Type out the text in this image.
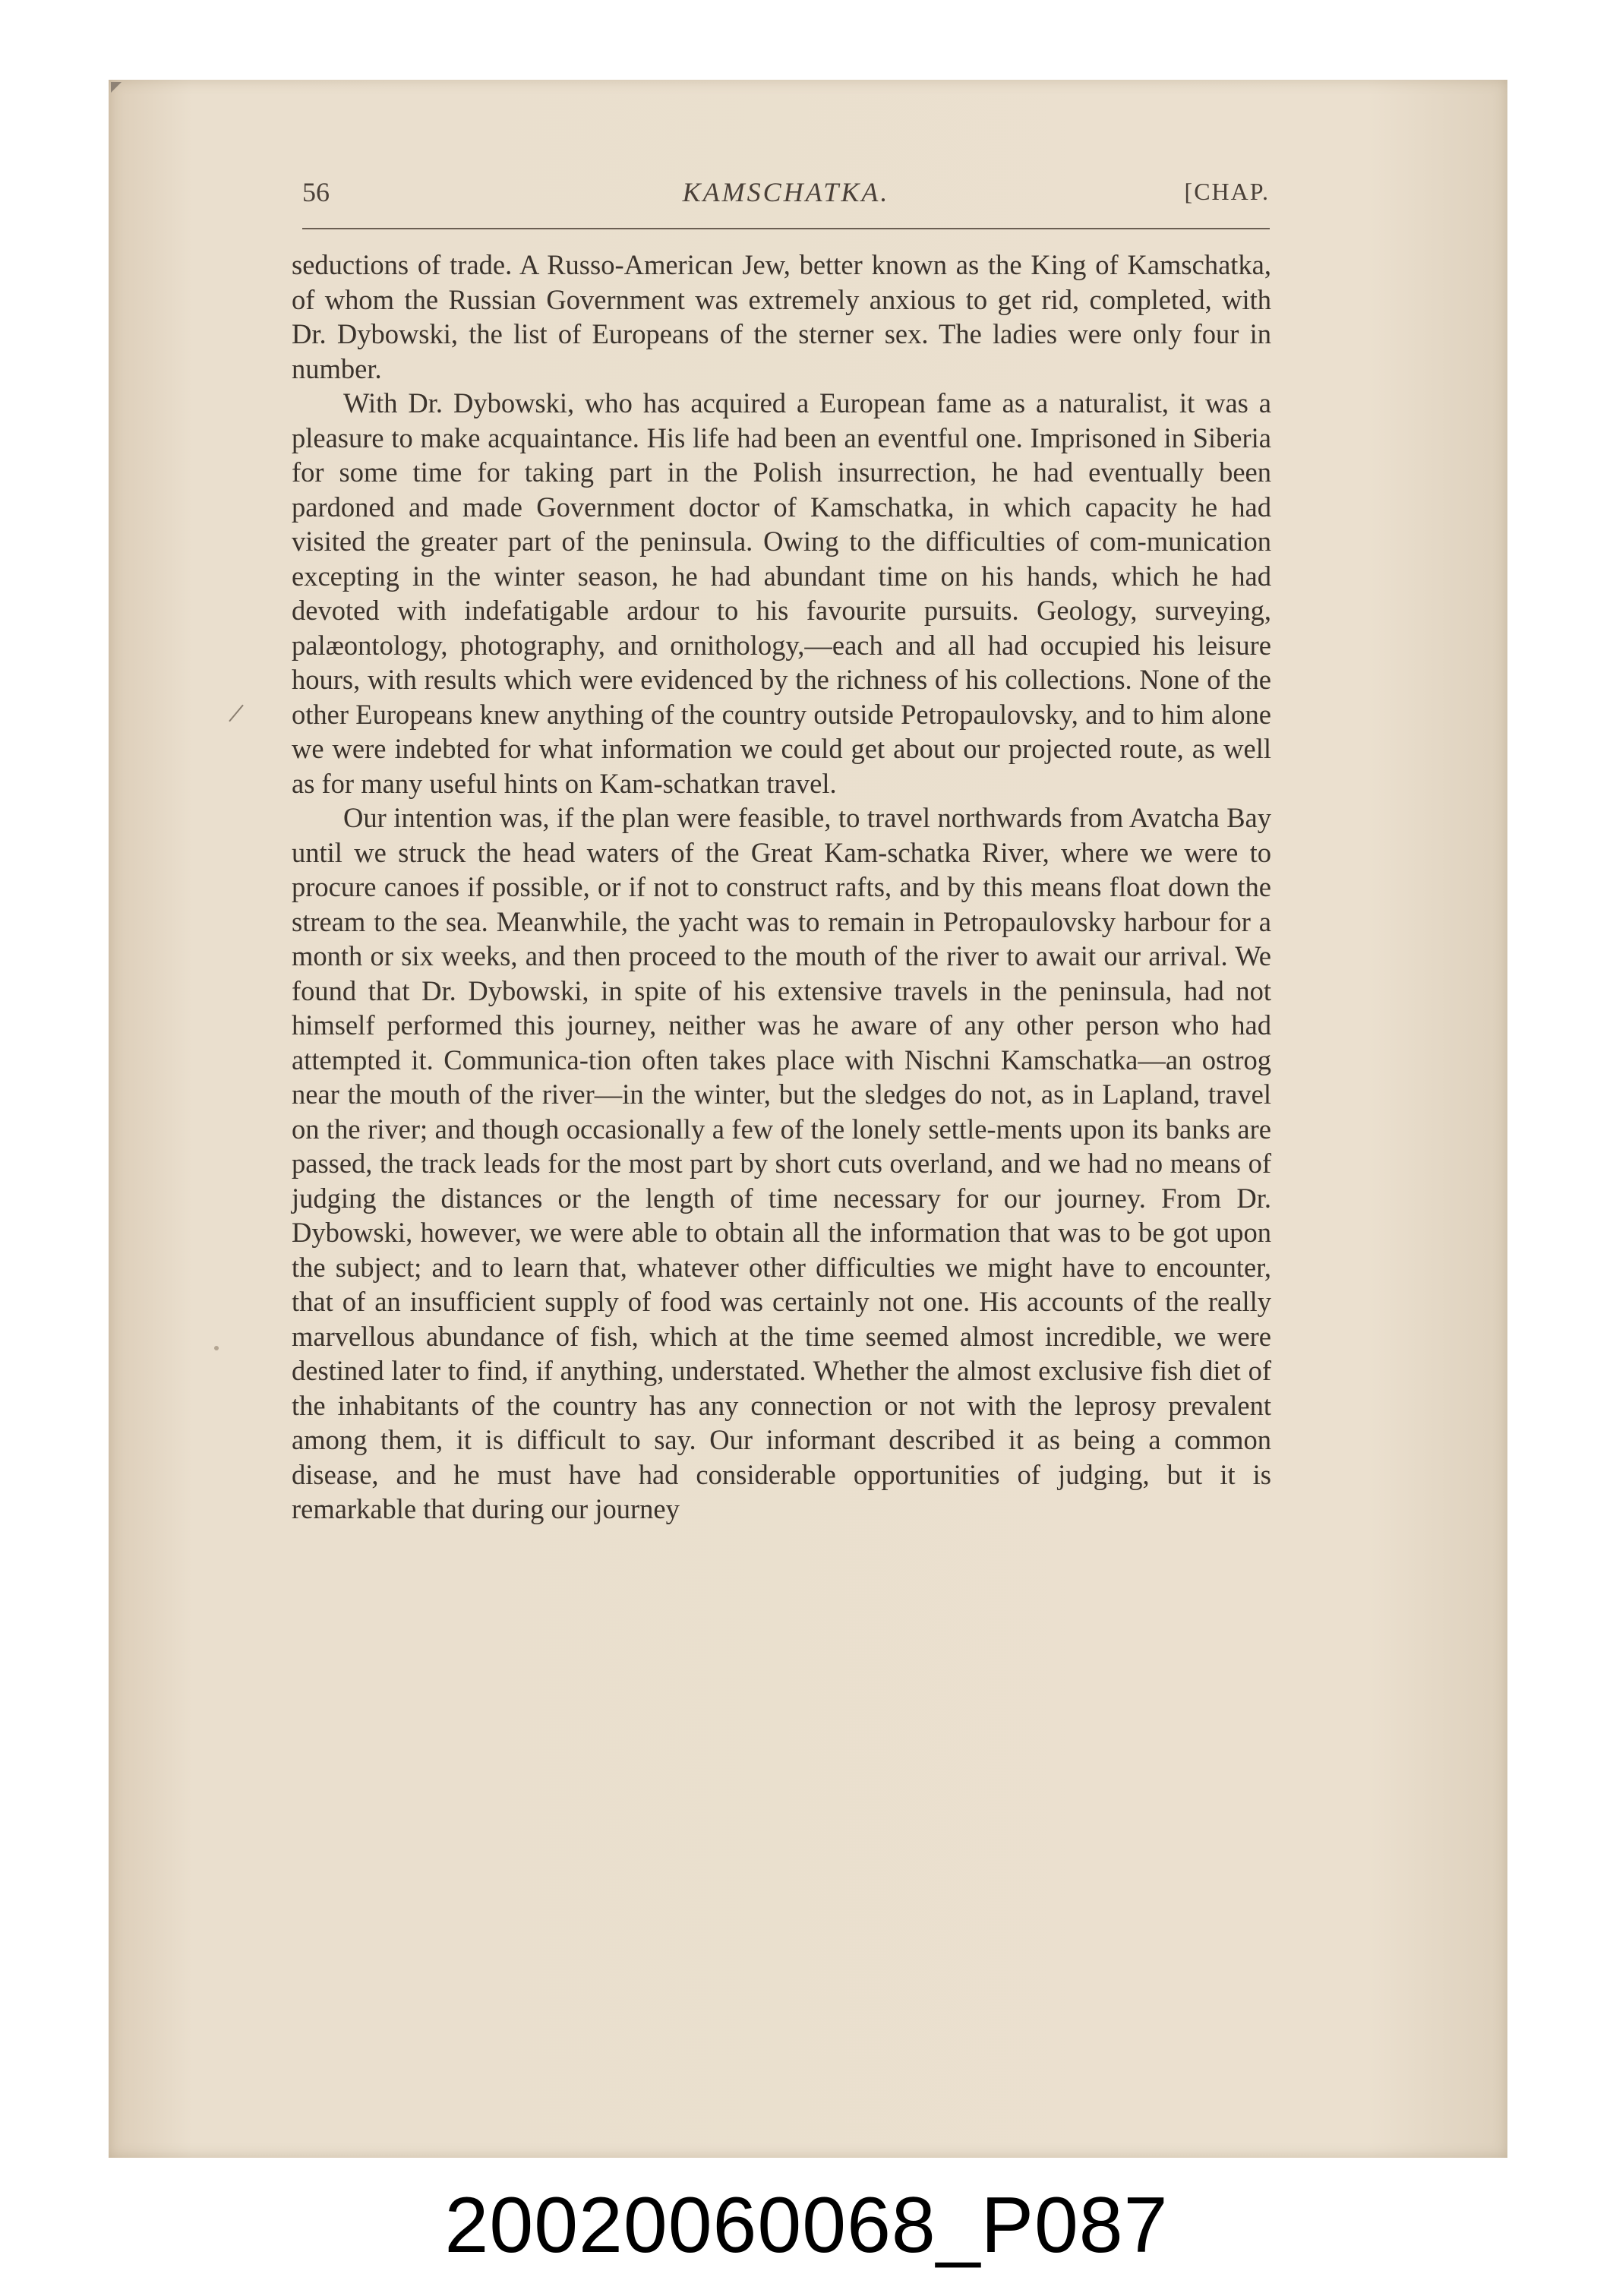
56	KAMSCHATKA.	[CHAP.

seductions of trade. A Russo-American Jew, better known as the King of Kamschatka, of whom the Russian Government was extremely anxious to get rid, completed, with Dr. Dybowski, the list of Europeans of the sterner sex. The ladies were only four in number.

With Dr. Dybowski, who has acquired a European fame as a naturalist, it was a pleasure to make acquaintance. His life had been an eventful one. Imprisoned in Siberia for some time for taking part in the Polish insurrection, he had eventually been pardoned and made Government doctor of Kamschatka, in which capacity he had visited the greater part of the peninsula. Owing to the difficulties of com-munication excepting in the winter season, he had abundant time on his hands, which he had devoted with indefatigable ardour to his favourite pursuits. Geology, surveying, palæontology, photography, and ornithology,—each and all had occupied his leisure hours, with results which were evidenced by the richness of his collections. None of the other Europeans knew anything of the country outside Petropaulovsky, and to him alone we were indebted for what information we could get about our projected route, as well as for many useful hints on Kam-schatkan travel.

Our intention was, if the plan were feasible, to travel northwards from Avatcha Bay until we struck the head waters of the Great Kam-schatka River, where we were to procure canoes if possible, or if not to construct rafts, and by this means float down the stream to the sea. Meanwhile, the yacht was to remain in Petropaulovsky harbour for a month or six weeks, and then proceed to the mouth of the river to await our arrival. We found that Dr. Dybowski, in spite of his extensive travels in the peninsula, had not himself performed this journey, neither was he aware of any other person who had attempted it. Communica-tion often takes place with Nischni Kamschatka—an ostrog near the mouth of the river—in the winter, but the sledges do not, as in Lapland, travel on the river; and though occasionally a few of the lonely settle-ments upon its banks are passed, the track leads for the most part by short cuts overland, and we had no means of judging the distances or the length of time necessary for our journey. From Dr. Dybowski, however, we were able to obtain all the information that was to be got upon the subject; and to learn that, whatever other difficulties we might have to encounter, that of an insufficient supply of food was certainly not one. His accounts of the really marvellous abundance of fish, which at the time seemed almost incredible, we were destined later to find, if anything, understated. Whether the almost exclusive fish diet of the inhabitants of the country has any connection or not with the leprosy prevalent among them, it is difficult to say. Our informant described it as being a common disease, and he must have had considerable opportunities of judging, but it is remarkable that during our journey

20020060068_P087
